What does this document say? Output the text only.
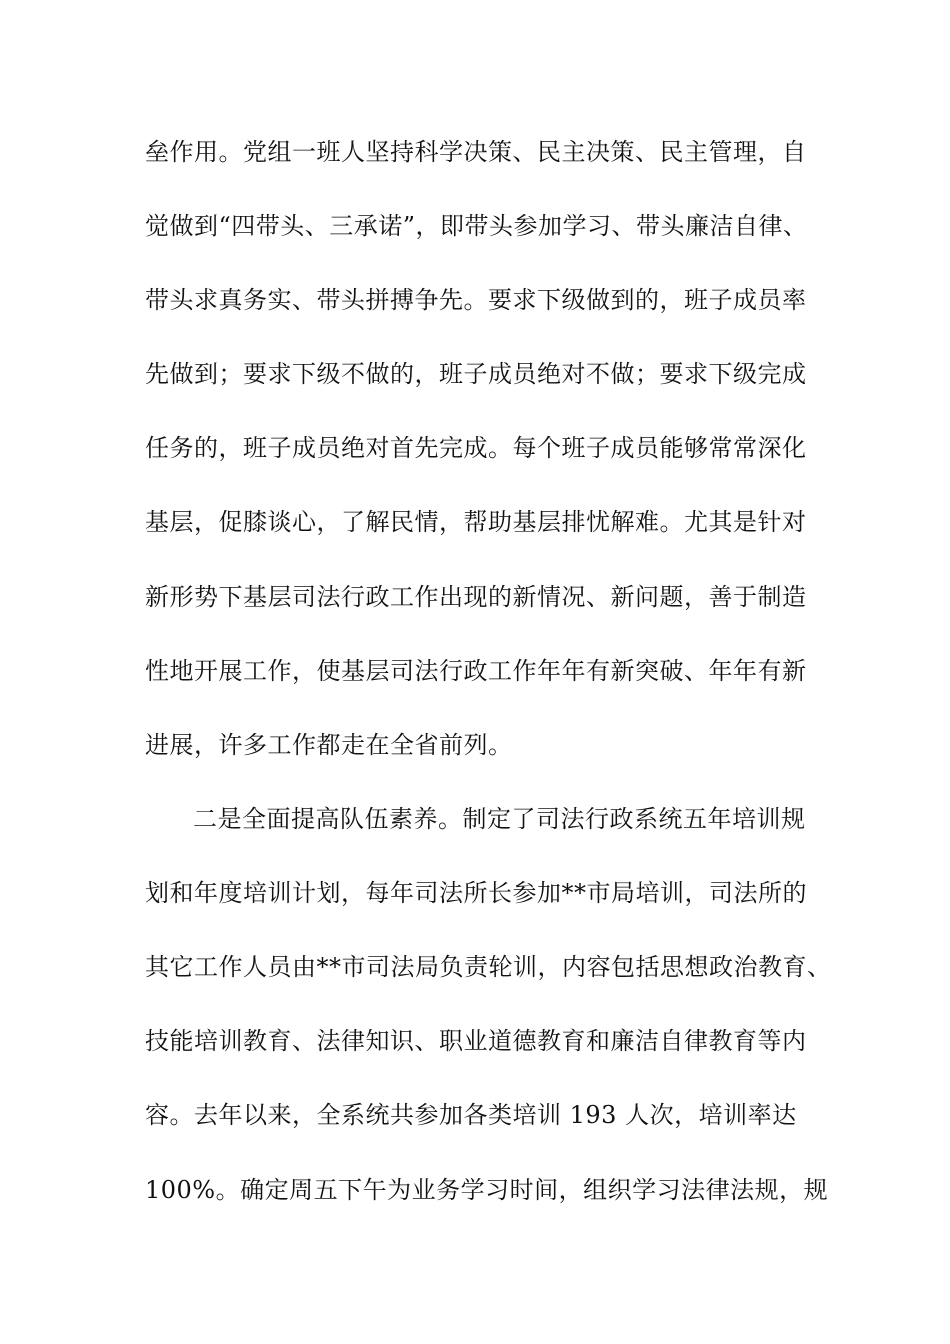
垒作用。党组一班人坚持科学决策、民主决策、民主管理，自
觉做到“四带头、三承诺”，即带头参加学习、带头廉洁自律、
带头求真务实、带头拼搏争先。要求下级做到的，班子成员率
先做到；要求下级不做的，班子成员绝对不做；要求下级完成
任务的，班子成员绝对首先完成。每个班子成员能够常常深化
基层，促膝谈心，了解民情，帮助基层排忧解难。尤其是针对
新形势下基层司法行政工作出现的新情况、新问题，善于制造
性地开展工作，使基层司法行政工作年年有新突破、年年有新
进展，许多工作都走在全省前列。
二是全面提高队伍素养。制定了司法行政系统五年培训规
划和年度培训计划，每年司法所长参加**市局培训，司法所的
其它工作人员由**市司法局负责轮训，内容包括思想政治教育、
技能培训教育、法律知识、职业道德教育和廉洁自律教育等内
容。去年以来，全系统共参加各类培训 193 人次，培训率达
100%。确定周五下午为业务学习时间，组织学习法律法规，规
